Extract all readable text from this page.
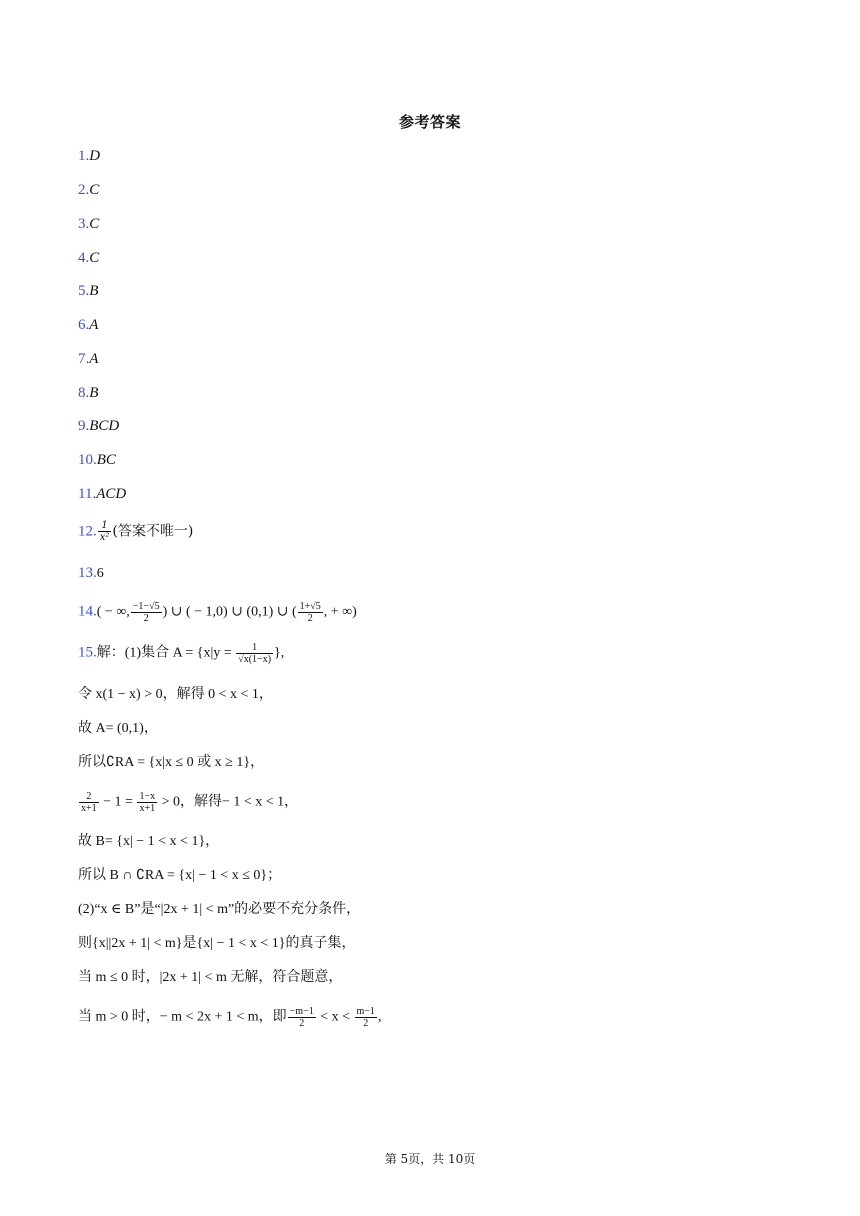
参考答案
1.D
2.C
3.C
4.C
5.B
6.A
7.A
8.B
9.BCD
10.BC
11.ACD
12. $\frac{1}{\text{x²}}$ (答案不唯一)
13.6
14.( − ∞, $\frac{-1-√5}{2}$ ) ∪ ( − 1,0) ∪ (0,1) ∪ ( $\frac{1+√5}{2}$ , + ∞)
15.解：(1)集合 $A = \{x|y = \frac{1}{√x(1-x)}$ },
令 x(1 − x) > 0，解得 0 < x < 1，
故 A= (0,1)，
所以∁RA = {x|x ≤ 0 或 x ≥ 1}，
$\frac{2}{x+1} - 1 = \frac{1-x}{x+1} > 0$，解得− 1 < x < 1，
故 B= {x| − 1 < x < 1}，
所以 B ∩ ∁RA = {x| − 1 < x ≤ 0}；
(2)“x ∈ B”是“|2x + 1| < m”的必要不充分条件，
则{x||2x + 1| < m}是{x| − 1 < x < 1}的真子集，
当 m ≤ 0 时，|2x + 1| < m 无解，符合题意，
当 m > 0 时，− m < 2x + 1 < m，即 $\frac{-m-1}{2} < x < \frac{m-1}{2}$ ,
第 5页，共 10页
